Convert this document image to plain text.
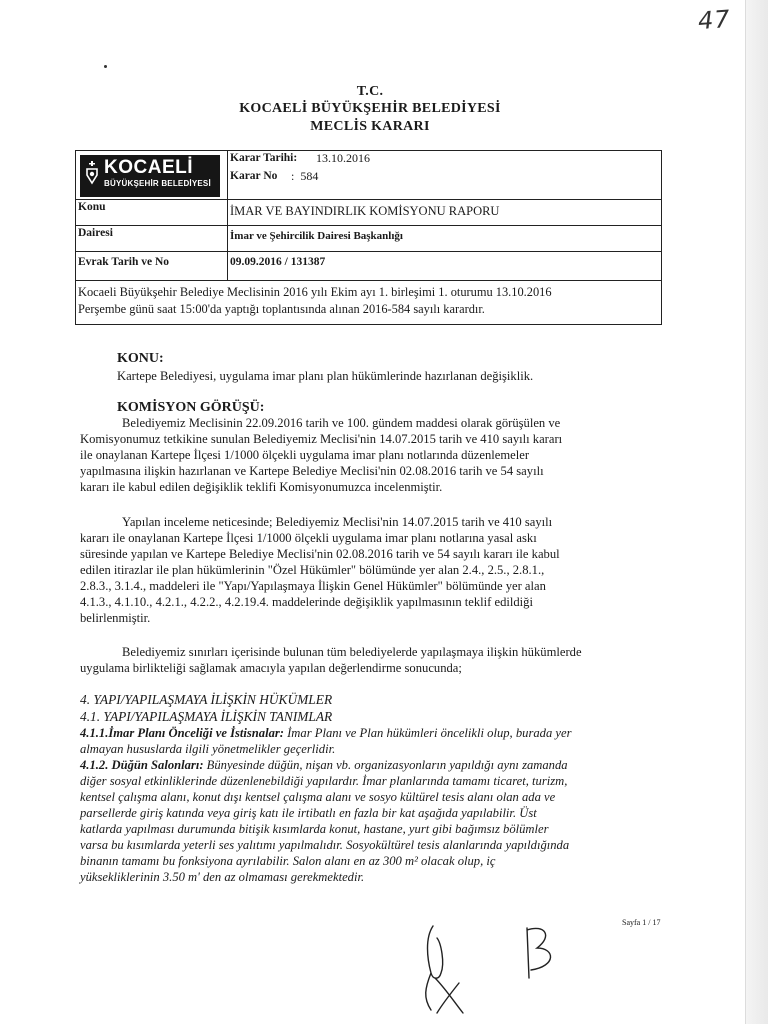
47
T.C.
KOCAELİ BÜYÜKŞEHİR BELEDİYESİ
MECLİS KARARI
KOCAELİ
BÜYÜKŞEHİR BELEDİYESİ
Karar Tarihi: 13.10.2016
Karar No :  584
Konu	İMAR VE BAYINDIRLIK KOMİSYONU RAPORU
Dairesi	İmar ve Şehircilik Dairesi Başkanlığı
Evrak Tarih ve No	09.09.2016 / 131387
Kocaeli Büyükşehir Belediye Meclisinin 2016 yılı Ekim ayı 1. birleşimi 1. oturumu 13.10.2016
Perşembe günü saat 15:00'da yaptığı toplantısında alınan 2016-584 sayılı karardır.
KONU:
Kartepe Belediyesi, uygulama imar planı plan hükümlerinde hazırlanan değişiklik.
KOMİSYON GÖRÜŞÜ:
Belediyemiz Meclisinin 22.09.2016 tarih ve 100. gündem maddesi olarak görüşülen ve
Komisyonumuz tetkikine sunulan Belediyemiz Meclisi'nin 14.07.2015 tarih ve 410 sayılı kararı
ile onaylanan Kartepe İlçesi 1/1000 ölçekli uygulama imar planı notlarında düzenlemeler
yapılmasına ilişkin hazırlanan ve Kartepe Belediye Meclisi'nin 02.08.2016 tarih ve 54 sayılı
kararı ile kabul edilen değişiklik teklifi Komisyonumuzca incelenmiştir.
Yapılan inceleme neticesinde; Belediyemiz Meclisi'nin 14.07.2015 tarih ve 410 sayılı
kararı ile onaylanan Kartepe İlçesi 1/1000 ölçekli uygulama imar planı notlarına yasal askı
süresinde yapılan ve Kartepe Belediye Meclisi'nin 02.08.2016 tarih ve 54 sayılı kararı ile kabul
edilen itirazlar ile plan hükümlerinin "Özel Hükümler" bölümünde yer alan 2.4., 2.5., 2.8.1.,
2.8.3., 3.1.4., maddeleri ile "Yapı/Yapılaşmaya İlişkin Genel Hükümler" bölümünde yer alan
4.1.3., 4.1.10., 4.2.1., 4.2.2., 4.2.19.4. maddelerinde değişiklik yapılmasının teklif edildiği
belirlenmiştir.
Belediyemiz sınırları içerisinde bulunan tüm belediyelerde yapılaşmaya ilişkin hükümlerde
uygulama birlikteliği sağlamak amacıyla yapılan değerlendirme sonucunda;
4. YAPI/YAPILAŞMAYA İLİŞKİN HÜKÜMLER
4.1. YAPI/YAPILAŞMAYA İLİŞKİN TANIMLAR
4.1.1.İmar Planı Önceliği ve İstisnalar: İmar Planı ve Plan hükümleri öncelikli olup, burada yer
almayan hususlarda ilgili yönetmelikler geçerlidir.
4.1.2. Düğün Salonları: Bünyesinde düğün, nişan vb. organizasyonların yapıldığı aynı zamanda
diğer sosyal etkinliklerinde düzenlenebildiği yapılardır. İmar planlarında tamamı ticaret, turizm,
kentsel çalışma alanı, konut dışı kentsel çalışma alanı ve sosyo kültürel tesis alanı olan ada ve
parsellerde giriş katında veya giriş katı ile irtibatlı en fazla bir kat aşağıda yapılabilir. Üst
katlarda yapılması durumunda bitişik kısımlarda konut, hastane, yurt gibi bağımsız bölümler
varsa bu kısımlarda yeterli ses yalıtımı yapılmalıdır. Sosyokültürel tesis alanlarında yapıldığında
binanın tamamı bu fonksiyona ayrılabilir. Salon alanı en az 300 m² olacak olup, iç
yüksekliklerinin 3.50 m' den az olmaması gerekmektedir.
Sayfa 1 / 17
